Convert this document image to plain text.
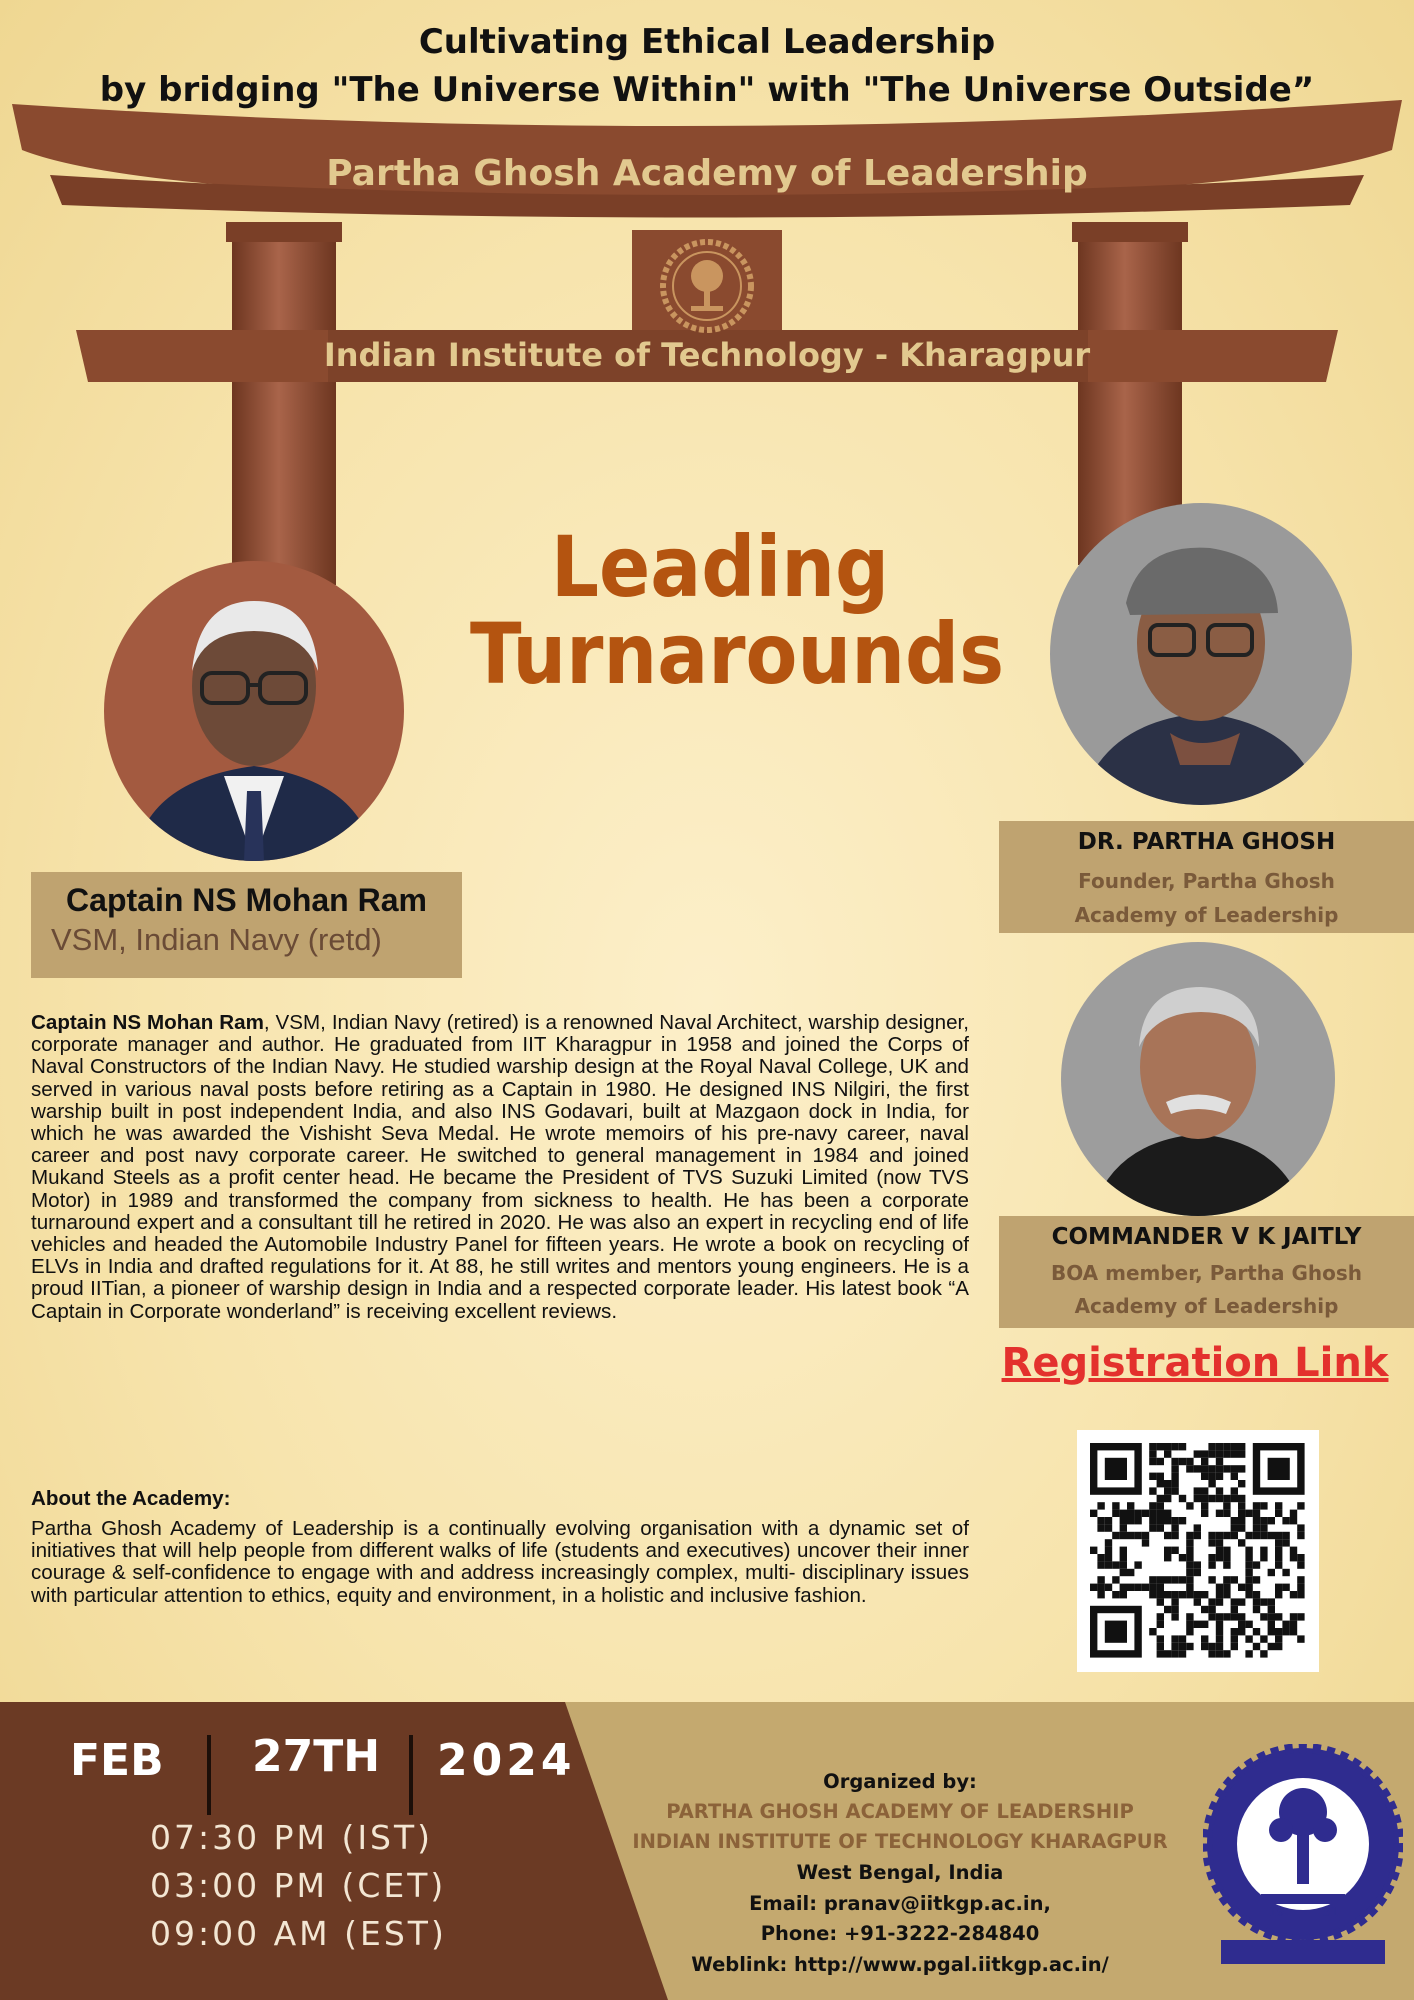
Cultivating Ethical Leadership
by bridging "The Universe Within" with "The Universe Outside”
Partha Ghosh Academy of Leadership
Indian Institute of Technology - Kharagpur
Leading
Turnarounds
Captain NS Mohan Ram
VSM, Indian Navy (retd)
DR. PARTHA GHOSH
Founder, Partha Ghosh
Academy of Leadership
COMMANDER V K JAITLY
BOA member, Partha Ghosh
Academy of Leadership
Registration Link

Captain NS Mohan Ram, VSM, Indian Navy (retired) is a renowned Naval Architect, warship designer, corporate manager and author. He graduated from IIT Kharagpur in 1958 and joined the Corps of Naval Constructors of the Indian Navy. He studied warship design at the Royal Naval College, UK and served in various naval posts before retiring as a Captain in 1980. He designed INS Nilgiri, the first warship built in post independent India, and also INS Godavari, built at Mazgaon dock in India, for which he was awarded the Vishisht Seva Medal. He wrote memoirs of his pre-navy career, naval career and post navy corporate career. He switched to general management in 1984 and joined Mukand Steels as a profit center head. He became the President of TVS Suzuki Limited (now TVS Motor) in 1989 and transformed the company from sickness to health. He has been a corporate turnaround expert and a consultant till he retired in 2020. He was also an expert in recycling end of life vehicles and headed the Automobile Industry Panel for fifteen years. He wrote a book on recycling of ELVs in India and drafted regulations for it. At 88, he still writes and mentors young engineers. He is a proud IITian, a pioneer of warship design in India and a respected corporate leader. His latest book “A Captain in Corporate wonderland” is receiving excellent reviews.

About the Academy:
Partha Ghosh Academy of Leadership is a continually evolving organisation with a dynamic set of initiatives that will help people from different walks of life (students and executives) uncover their inner courage & self-confidence to engage with and address increasingly complex, multi- disciplinary issues with particular attention to ethics, equity and environment, in a holistic and inclusive fashion.
FEB 27TH 2024
07:30 PM (IST)
03:00 PM (CET)
09:00 AM (EST)
Organized by:
PARTHA GHOSH ACADEMY OF LEADERSHIP
INDIAN INSTITUTE OF TECHNOLOGY KHARAGPUR
West Bengal, India
Email: pranav@iitkgp.ac.in,
Phone: +91-3222-284840
Weblink: http://www.pgal.iitkgp.ac.in/
19	51
